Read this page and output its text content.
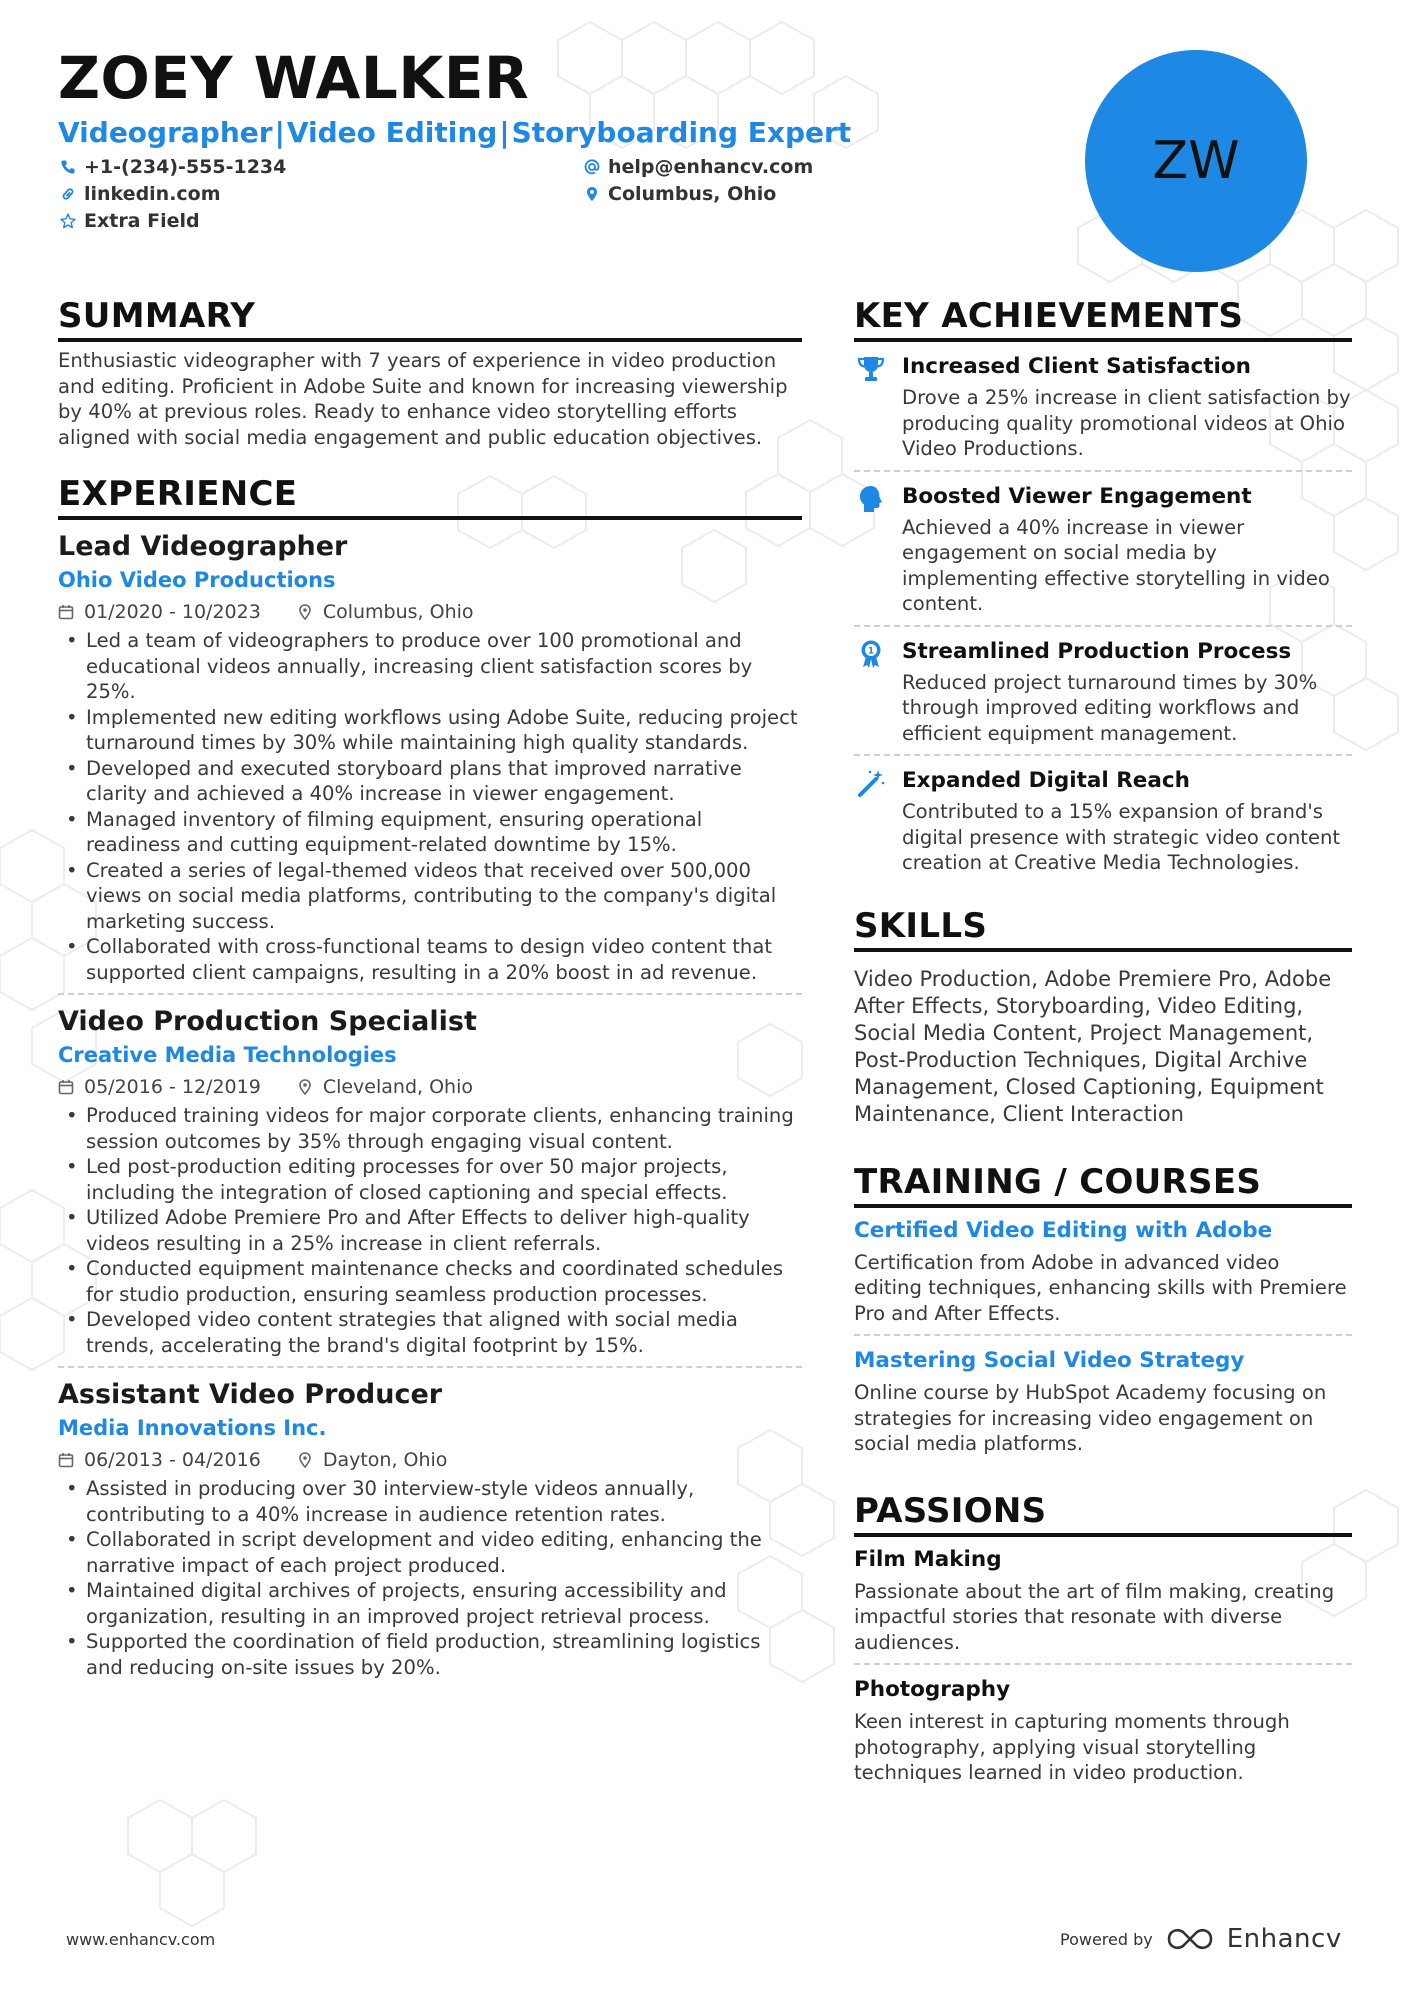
ZOEY WALKER
Videographer|Video Editing|Storyboarding Expert
+1-(234)-555-1234	help@enhancv.com
linkedin.com	Columbus, Ohio
Extra Field
ZW
SUMMARY

Enthusiastic videographer with 7 years of experience in video production and editing. Proficient in Adobe Suite and known for increasing viewership by 40% at previous roles. Ready to enhance video storytelling efforts aligned with social media engagement and public education objectives.

EXPERIENCE
Lead Videographer
Ohio Video Productions
01/2020 - 10/2023	Columbus, Ohio
• Led a team of videographers to produce over 100 promotional and educational videos annually, increasing client satisfaction scores by 25%.
• Implemented new editing workflows using Adobe Suite, reducing project turnaround times by 30% while maintaining high quality standards.
• Developed and executed storyboard plans that improved narrative clarity and achieved a 40% increase in viewer engagement.
• Managed inventory of filming equipment, ensuring operational readiness and cutting equipment-related downtime by 15%.
• Created a series of legal-themed videos that received over 500,000 views on social media platforms, contributing to the company's digital marketing success.
• Collaborated with cross-functional teams to design video content that supported client campaigns, resulting in a 20% boost in ad revenue.
Video Production Specialist
Creative Media Technologies
05/2016 - 12/2019	Cleveland, Ohio
• Produced training videos for major corporate clients, enhancing training session outcomes by 35% through engaging visual content.
• Led post-production editing processes for over 50 major projects, including the integration of closed captioning and special effects.
• Utilized Adobe Premiere Pro and After Effects to deliver high-quality videos resulting in a 25% increase in client referrals.
• Conducted equipment maintenance checks and coordinated schedules for studio production, ensuring seamless production processes.
• Developed video content strategies that aligned with social media trends, accelerating the brand's digital footprint by 15%.
Assistant Video Producer
Media Innovations Inc.
06/2013 - 04/2016	Dayton, Ohio
• Assisted in producing over 30 interview-style videos annually, contributing to a 40% increase in audience retention rates.
• Collaborated in script development and video editing, enhancing the narrative impact of each project produced.
• Maintained digital archives of projects, ensuring accessibility and organization, resulting in an improved project retrieval process.
• Supported the coordination of field production, streamlining logistics and reducing on-site issues by 20%.
KEY ACHIEVEMENTS
Increased Client Satisfaction
Drove a 25% increase in client satisfaction by producing quality promotional videos at Ohio Video Productions.
Boosted Viewer Engagement
Achieved a 40% increase in viewer engagement on social media by implementing effective storytelling in video content.
1 Streamlined Production Process
Reduced project turnaround times by 30% through improved editing workflows and efficient equipment management.
Expanded Digital Reach
Contributed to a 15% expansion of brand's digital presence with strategic video content creation at Creative Media Technologies.
SKILLS

Video Production, Adobe Premiere Pro, Adobe After Effects, Storyboarding, Video Editing, Social Media Content, Project Management, Post-Production Techniques, Digital Archive Management, Closed Captioning, Equipment Maintenance, Client Interaction

TRAINING / COURSES
Certified Video Editing with Adobe
Certification from Adobe in advanced video editing techniques, enhancing skills with Premiere Pro and After Effects.
Mastering Social Video Strategy
Online course by HubSpot Academy focusing on strategies for increasing video engagement on social media platforms.
PASSIONS
Film Making
Passionate about the art of film making, creating impactful stories that resonate with diverse audiences.
Photography
Keen interest in capturing moments through photography, applying visual storytelling techniques learned in video production.
www.enhancv.com	Powered by	Enhancv
